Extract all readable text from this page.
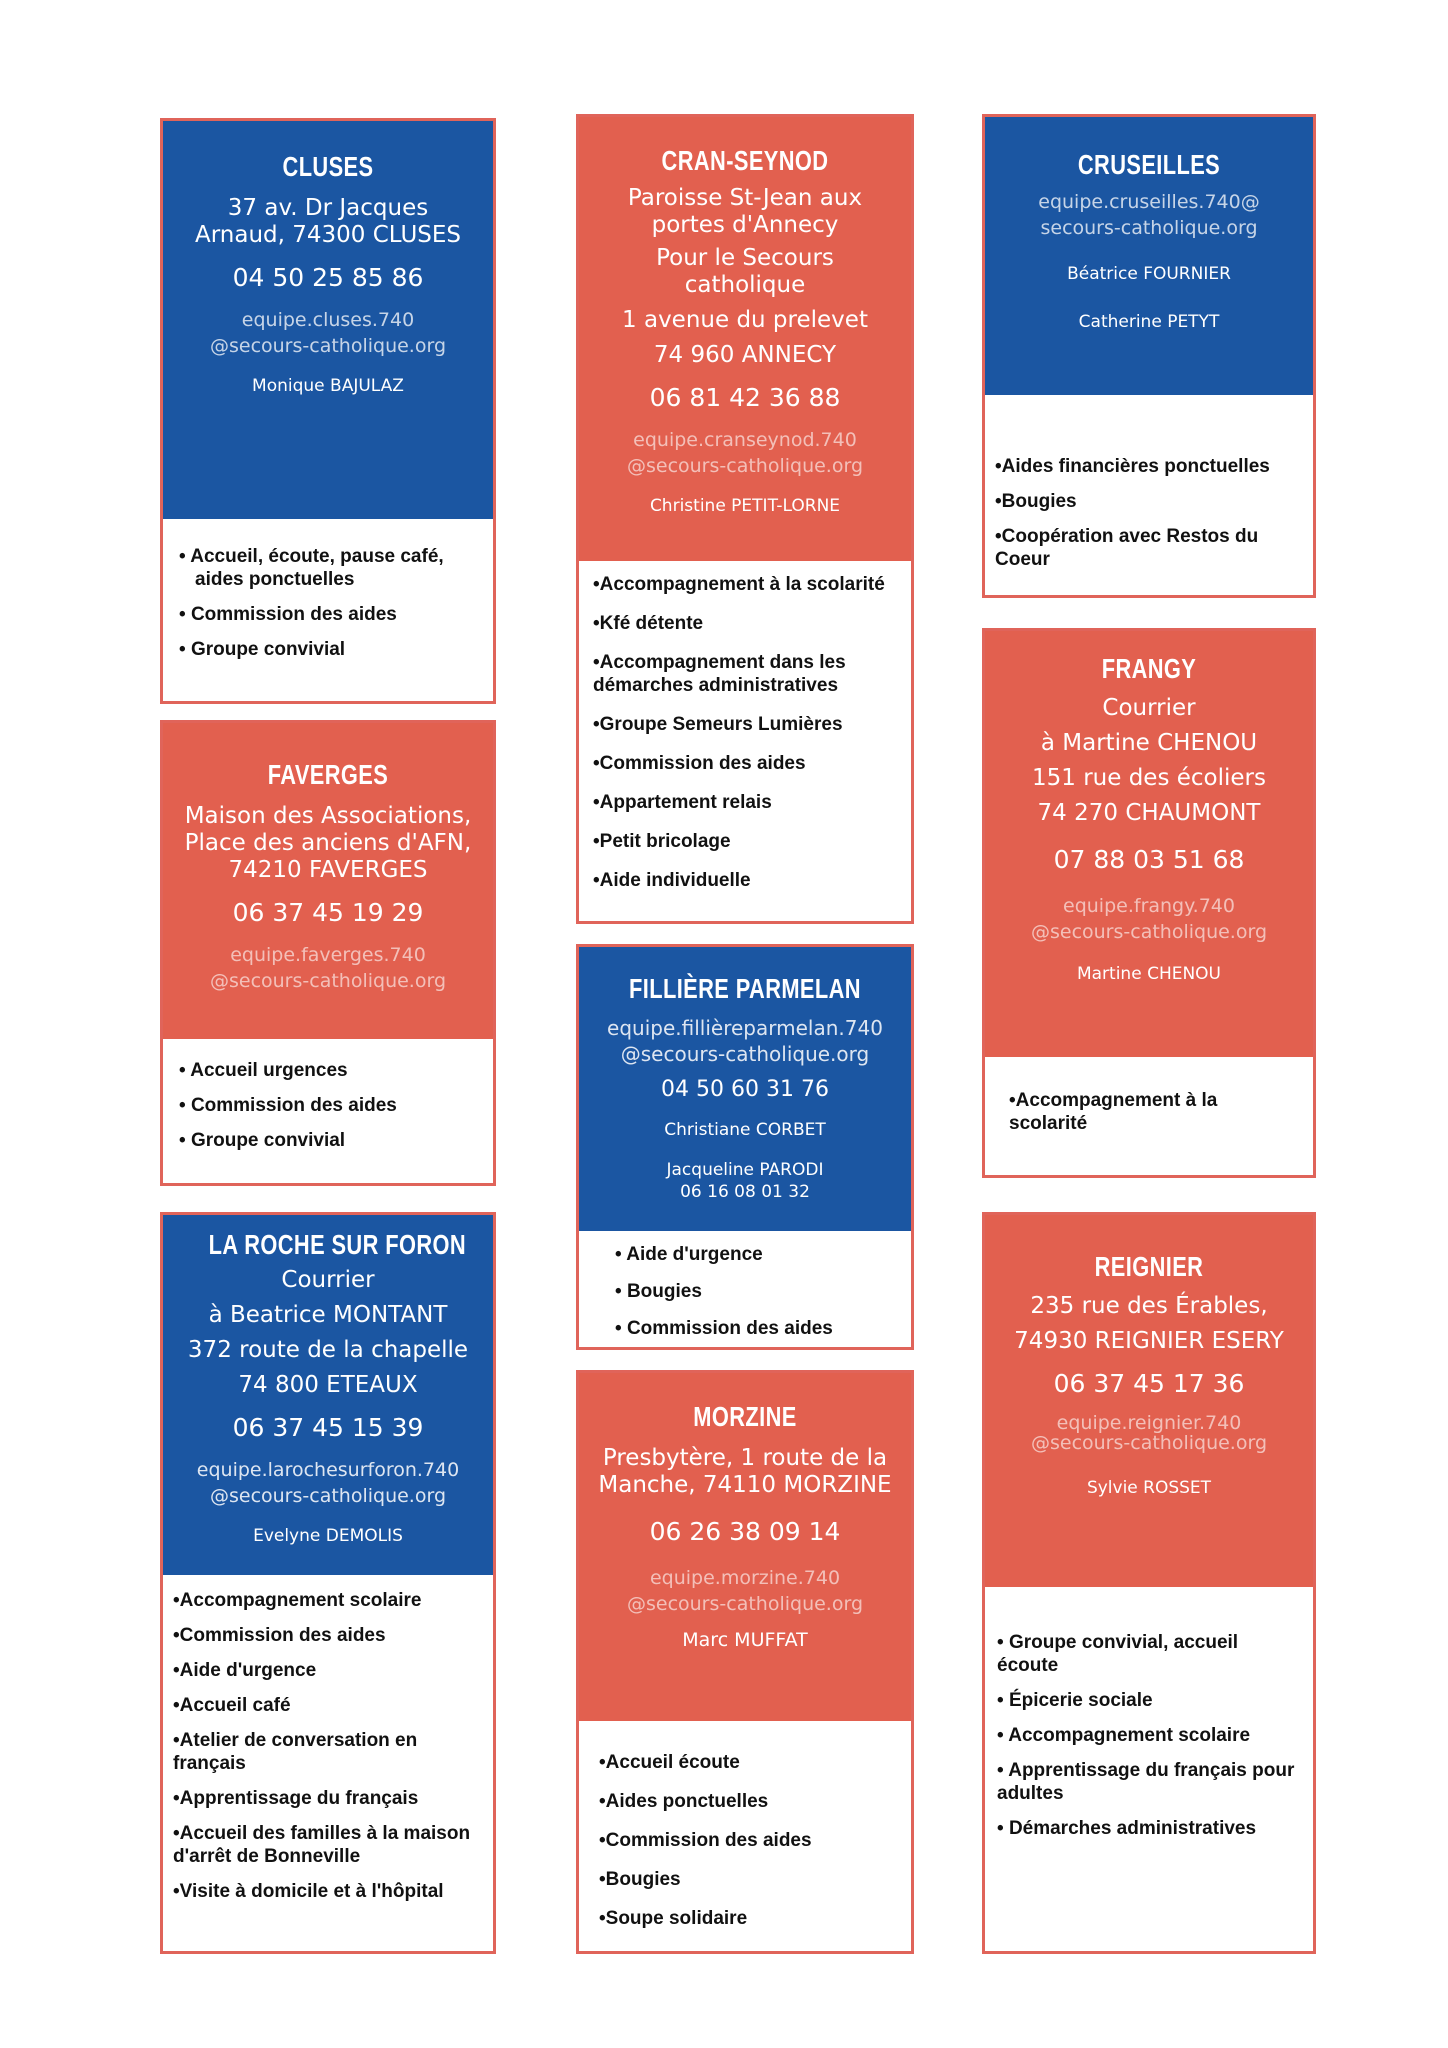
CLUSES
37 av. Dr Jacques
Arnaud, 74300 CLUSES
04 50 25 85 86
equipe.cluses.740
@secours-catholique.org
Monique BAJULAZ
• Accueil, écoute, pause café, aides ponctuelles
• Commission des aides
• Groupe convivial
FAVERGES
Maison des Associations,
Place des anciens d'AFN,
74210 FAVERGES
06 37 45 19 29
equipe.faverges.740
@secours-catholique.org
• Accueil urgences
• Commission des aides
• Groupe convivial
LA ROCHE SUR FORON
Courrier
à Beatrice MONTANT
372 route de la chapelle
74 800 ETEAUX
06 37 45 15 39
equipe.larochesurforon.740
@secours-catholique.org
Evelyne DEMOLIS
• Accompagnement scolaire
• Commission des aides
• Aide d'urgence
• Accueil café
• Atelier de conversation en français
• Apprentissage du français
• Accueil des familles à la maison d'arrêt de Bonneville
• Visite à domicile et à l'hôpital
CRAN-SEYNOD
Paroisse St-Jean aux
portes d'Annecy
Pour le Secours
catholique
1 avenue du prelevet
74 960 ANNECY
06 81 42 36 88
equipe.cranseynod.740
@secours-catholique.org
Christine PETIT-LORNE
• Accompagnement à la scolarité
• Kfé détente
• Accompagnement dans les démarches administratives
• Groupe Semeurs Lumières
• Commission des aides
• Appartement relais
• Petit bricolage
• Aide individuelle
FILLIÈRE PARMELAN
equipe.fillièreparmelan.740
@secours-catholique.org
04 50 60 31 76
Christiane CORBET
Jacqueline PARODI
06 16 08 01 32
• Aide d'urgence
• Bougies
• Commission des aides
MORZINE
Presbytère, 1 route de la
Manche, 74110 MORZINE
06 26 38 09 14
equipe.morzine.740
@secours-catholique.org
Marc MUFFAT
• Accueil écoute
• Aides ponctuelles
• Commission des aides
• Bougies
• Soupe solidaire
CRUSEILLES
equipe.cruseilles.740@
secours-catholique.org
Béatrice FOURNIER
Catherine PETYT
• Aides financières ponctuelles
• Bougies
• Coopération avec Restos du Coeur
FRANGY
Courrier
à Martine CHENOU
151 rue des écoliers
74 270 CHAUMONT
07 88 03 51 68
equipe.frangy.740
@secours-catholique.org
Martine CHENOU
• Accompagnement à la scolarité
REIGNIER
235 rue des Érables,
74930 REIGNIER ESERY
06 37 45 17 36
equipe.reignier.740
@secours-catholique.org
Sylvie ROSSET
• Groupe convivial, accueil écoute
• Épicerie sociale
• Accompagnement scolaire
• Apprentissage du français pour adultes
• Démarches administratives
